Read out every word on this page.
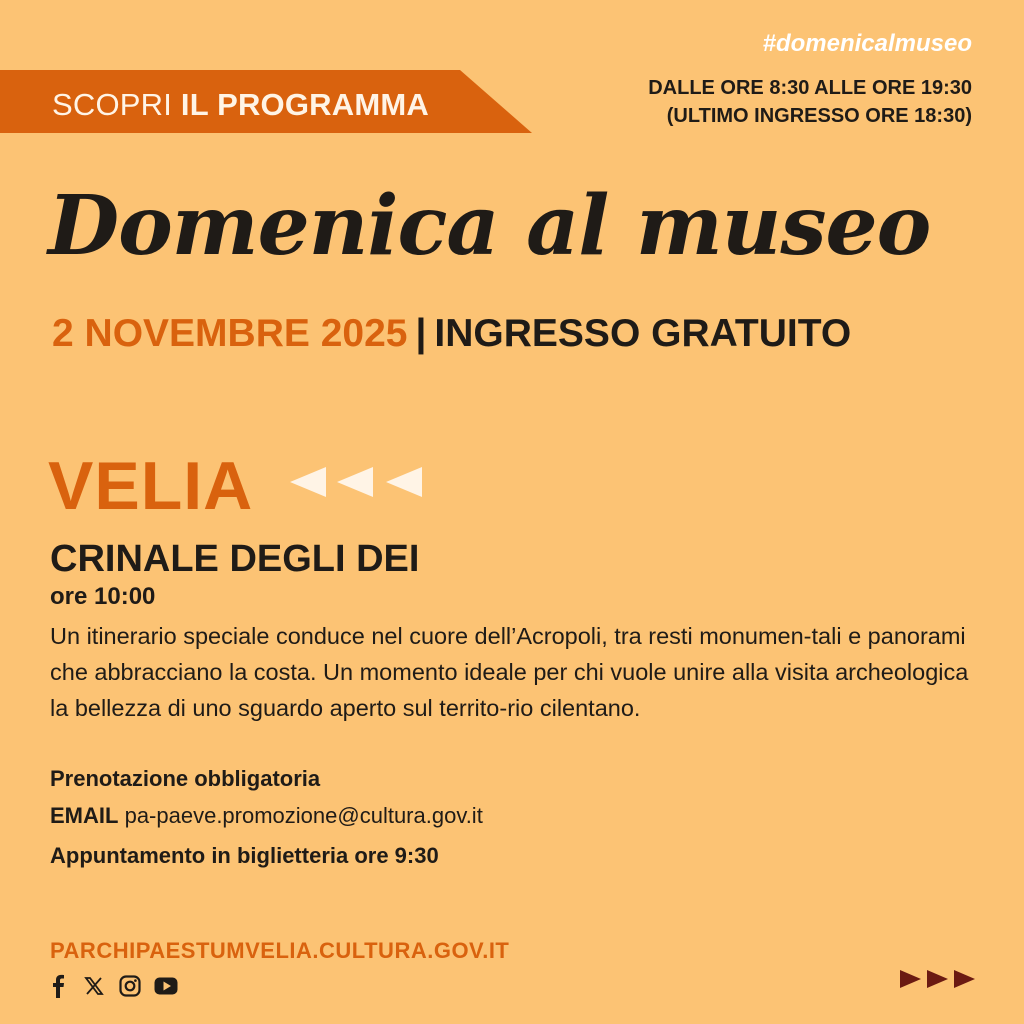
SCOPRI IL PROGRAMMA
#domenicalmuseo
DALLE ORE 8:30 ALLE ORE 19:30
(ULTIMO INGRESSO ORE 18:30)
Domenica al museo
2 NOVEMBRE 2025 | INGRESSO GRATUITO
VELIA
CRINALE DEGLI DEI
ore 10:00
Un itinerario speciale conduce nel cuore dell’Acropoli, tra resti monumen-tali e panorami che abbracciano la costa. Un momento ideale per chi vuole unire alla visita archeologica la bellezza di uno sguardo aperto sul territo-rio cilentano.
Prenotazione obbligatoria
EMAIL pa-paeve.promozione@cultura.gov.it
Appuntamento in biglietteria ore 9:30
PARCHIPAESTUMVELIA.CULTURA.GOV.IT
